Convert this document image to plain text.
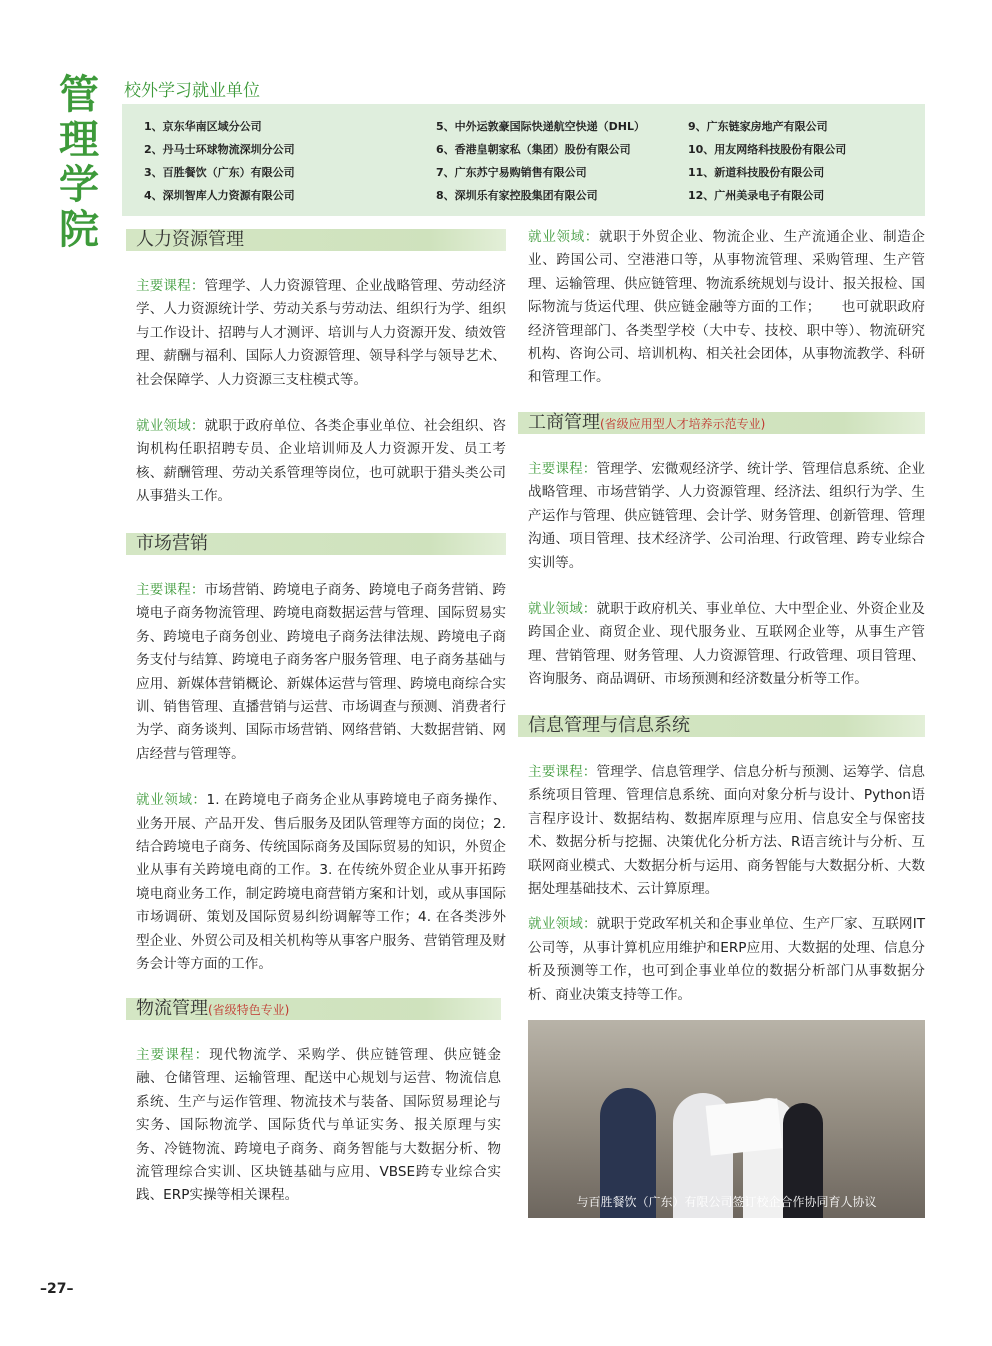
管理学院
校外学习就业单位
1、京东华南区域分公司
2、丹马士环球物流深圳分公司
3、百胜餐饮（广东）有限公司
4、深圳智库人力资源有限公司
5、中外运敦豪国际快递航空快递（DHL）
6、香港皇朝家私（集团）股份有限公司
7、广东苏宁易购销售有限公司
8、深圳乐有家控股集团有限公司
9、广东链家房地产有限公司
10、用友网络科技股份有限公司
11、新道科技股份有限公司
12、广州美录电子有限公司
人力资源管理
主要课程：管理学、人力资源管理、企业战略管理、劳动经济学、人力资源统计学、劳动关系与劳动法、组织行为学、组织与工作设计、招聘与人才测评、培训与人力资源开发、绩效管理、薪酬与福利、国际人力资源管理、领导科学与领导艺术、社会保障学、人力资源三支柱模式等。
就业领域：就职于政府单位、各类企事业单位、社会组织、咨询机构任职招聘专员、企业培训师及人力资源开发、员工考核、薪酬管理、劳动关系管理等岗位，也可就职于猎头类公司从事猎头工作。
市场营销
主要课程：市场营销、跨境电子商务、跨境电子商务营销、跨境电子商务物流管理、跨境电商数据运营与管理、国际贸易实务、跨境电子商务创业、跨境电子商务法律法规、跨境电子商务支付与结算、跨境电子商务客户服务管理、电子商务基础与应用、新媒体营销概论、新媒体运营与管理、跨境电商综合实训、销售管理、直播营销与运营、市场调查与预测、消费者行为学、商务谈判、国际市场营销、网络营销、大数据营销、网店经营与管理等。
就业领域：1. 在跨境电子商务企业从事跨境电子商务操作、业务开展、产品开发、售后服务及团队管理等方面的岗位；2. 结合跨境电子商务、传统国际商务及国际贸易的知识，外贸企业从事有关跨境电商的工作。3. 在传统外贸企业从事开拓跨境电商业务工作，制定跨境电商营销方案和计划，或从事国际市场调研、策划及国际贸易纠纷调解等工作；4. 在各类涉外型企业、外贸公司及相关机构等从事客户服务、营销管理及财务会计等方面的工作。
物流管理(省级特色专业)
主要课程：现代物流学、采购学、供应链管理、供应链金融、仓储管理、运输管理、配送中心规划与运营、物流信息系统、生产与运作管理、物流技术与装备、国际贸易理论与实务、国际物流学、国际货代与单证实务、报关原理与实务、冷链物流、跨境电子商务、商务智能与大数据分析、物流管理综合实训、区块链基础与应用、VBSE跨专业综合实践、ERP实操等相关课程。
就业领域：就职于外贸企业、物流企业、生产流通企业、制造企业、跨国公司、空港港口等，从事物流管理、采购管理、生产管理、运输管理、供应链管理、物流系统规划与设计、报关报检、国际物流与货运代理、供应链金融等方面的工作；　　也可就职政府经济管理部门、各类型学校（大中专、技校、职中等）、物流研究机构、咨询公司、培训机构、相关社会团体，从事物流教学、科研和管理工作。
工商管理(省级应用型人才培养示范专业)
主要课程：管理学、宏微观经济学、统计学、管理信息系统、企业战略管理、市场营销学、人力资源管理、经济法、组织行为学、生产运作与管理、供应链管理、会计学、财务管理、创新管理、管理沟通、项目管理、技术经济学、公司治理、行政管理、跨专业综合实训等。
就业领域：就职于政府机关、事业单位、大中型企业、外资企业及跨国企业、商贸企业、现代服务业、互联网企业等，从事生产管理、营销管理、财务管理、人力资源管理、行政管理、项目管理、咨询服务、商品调研、市场预测和经济数量分析等工作。
信息管理与信息系统
主要课程：管理学、信息管理学、信息分析与预测、运筹学、信息系统项目管理、管理信息系统、面向对象分析与设计、Python语言程序设计、数据结构、数据库原理与应用、信息安全与保密技术、数据分析与挖掘、决策优化分析方法、R语言统计与分析、互联网商业模式、大数据分析与运用、商务智能与大数据分析、大数据处理基础技术、云计算原理。
就业领域：就职于党政军机关和企事业单位、生产厂家、互联网IT公司等，从事计算机应用维护和ERP应用、大数据的处理、信息分析及预测等工作，也可到企事业单位的数据分析部门从事数据分析、商业决策支持等工作。
与百胜餐饮（广东）有限公司签订校企合作协同育人协议
–27–
